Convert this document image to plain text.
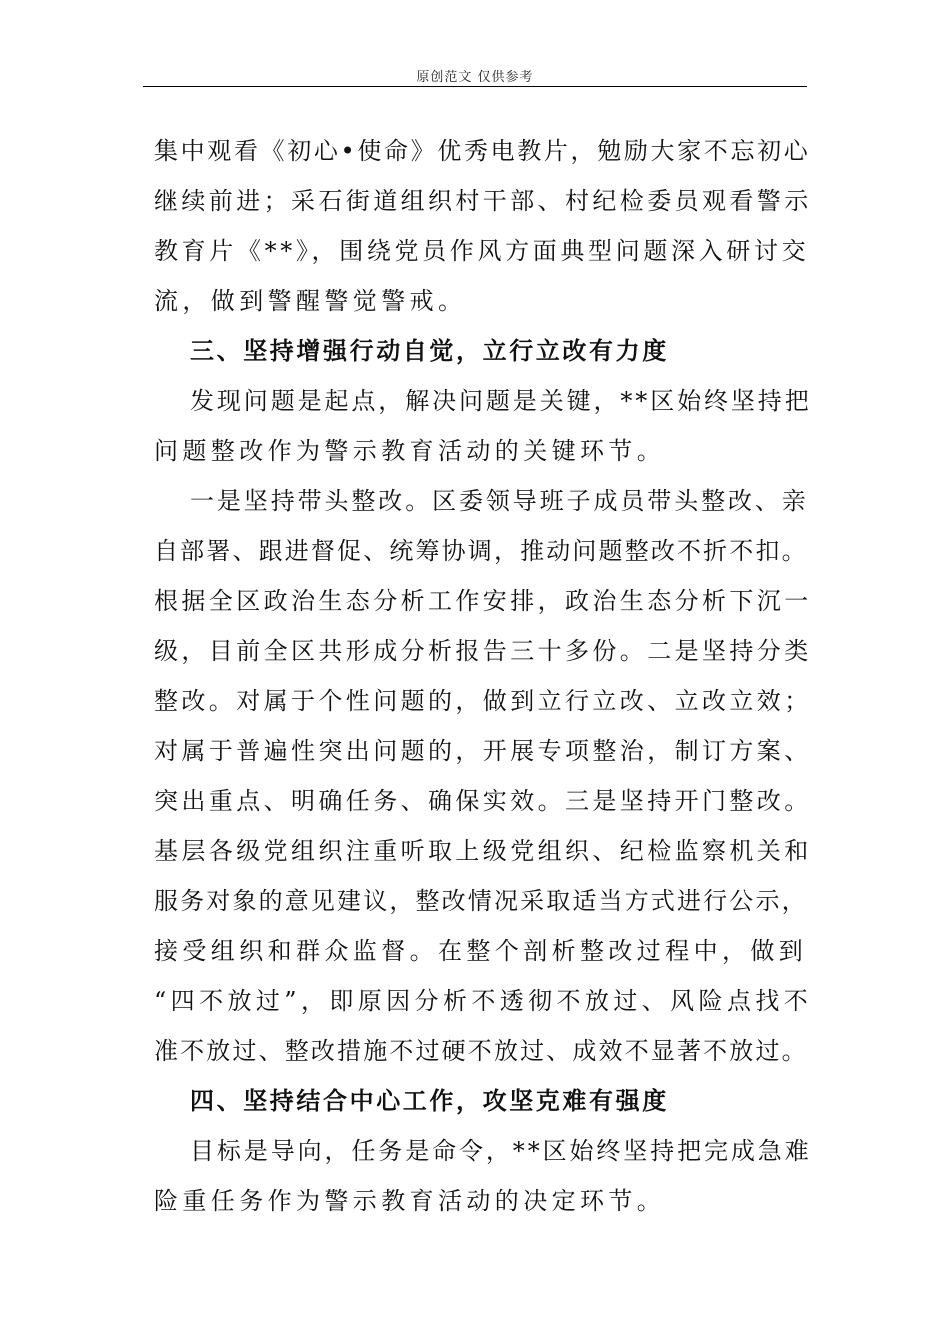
原创范文 仅供参考
集中观看《初心•使命》优秀电教片，勉励大家不忘初心
继续前进；采石街道组织村干部、村纪检委员观看警示
教育片《**》，围绕党员作风方面典型问题深入研讨交
流，做到警醒警觉警戒。
三、坚持增强行动自觉，立行立改有力度
发现问题是起点，解决问题是关键，**区始终坚持把
问题整改作为警示教育活动的关键环节。
一是坚持带头整改。区委领导班子成员带头整改、亲
自部署、跟进督促、统筹协调，推动问题整改不折不扣。
根据全区政治生态分析工作安排，政治生态分析下沉一
级，目前全区共形成分析报告三十多份。二是坚持分类
整改。对属于个性问题的，做到立行立改、立改立效；
对属于普遍性突出问题的，开展专项整治，制订方案、
突出重点、明确任务、确保实效。三是坚持开门整改。
基层各级党组织注重听取上级党组织、纪检监察机关和
服务对象的意见建议，整改情况采取适当方式进行公示，
接受组织和群众监督。在整个剖析整改过程中，做到
“四不放过”，即原因分析不透彻不放过、风险点找不
准不放过、整改措施不过硬不放过、成效不显著不放过。
四、坚持结合中心工作，攻坚克难有强度
目标是导向，任务是命令，**区始终坚持把完成急难
险重任务作为警示教育活动的决定环节。
